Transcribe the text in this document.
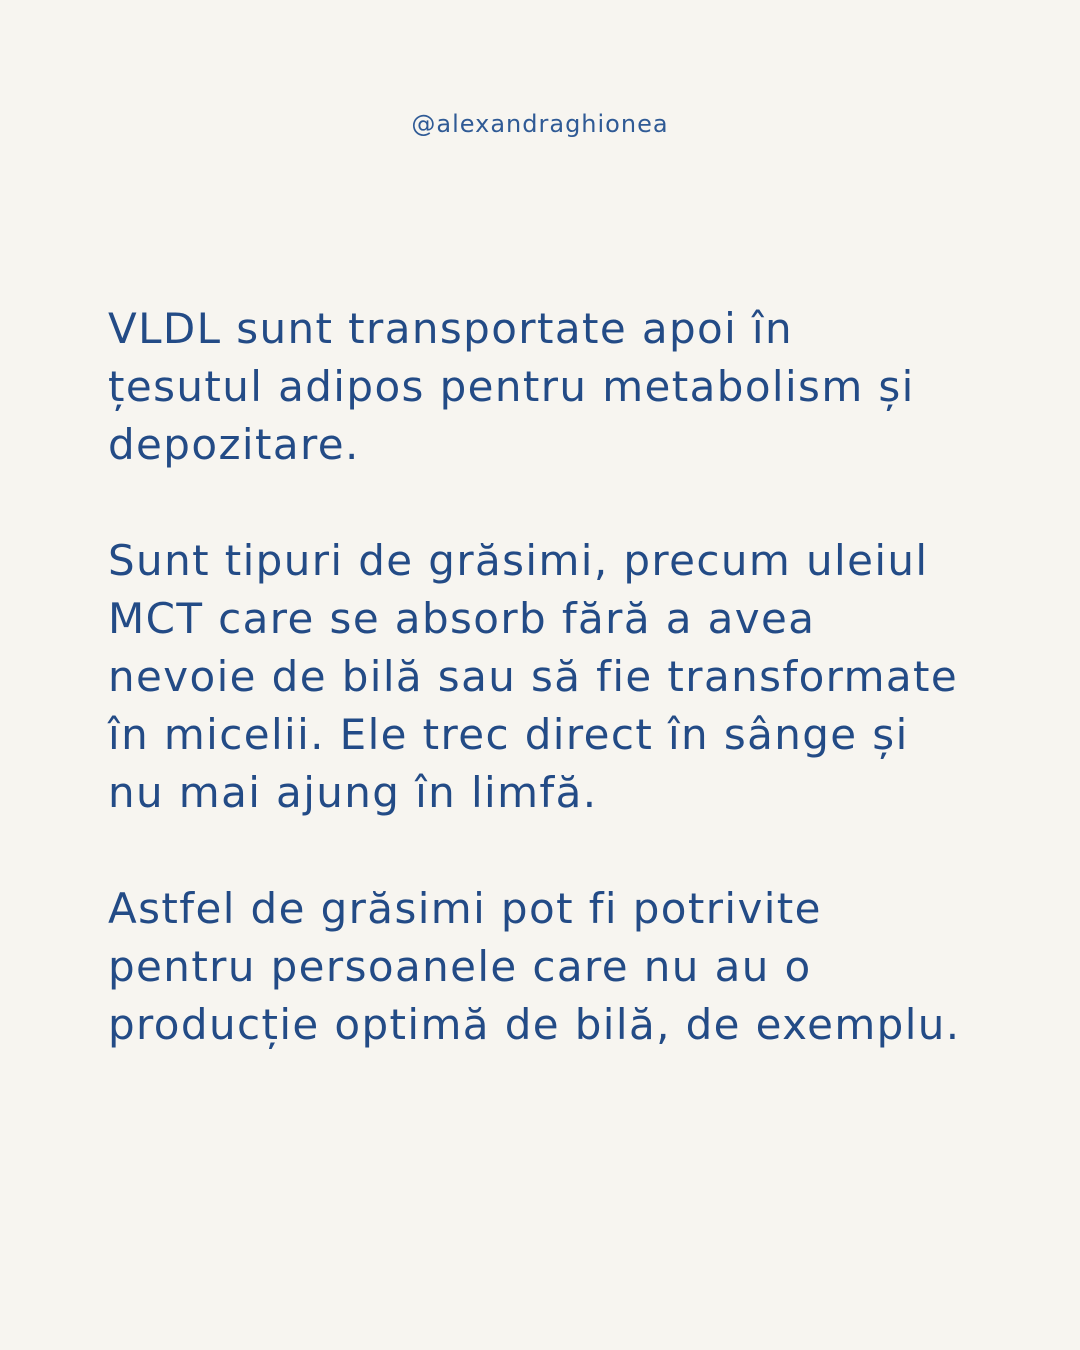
@alexandraghionea

VLDL sunt transportate apoi în
țesutul adipos pentru metabolism și
depozitare.

Sunt tipuri de grăsimi, precum uleiul
MCT care se absorb fără a avea
nevoie de bilă sau să fie transformate
în micelii. Ele trec direct în sânge și
nu mai ajung în limfă.

Astfel de grăsimi pot fi potrivite
pentru persoanele care nu au o
producție optimă de bilă, de exemplu.
